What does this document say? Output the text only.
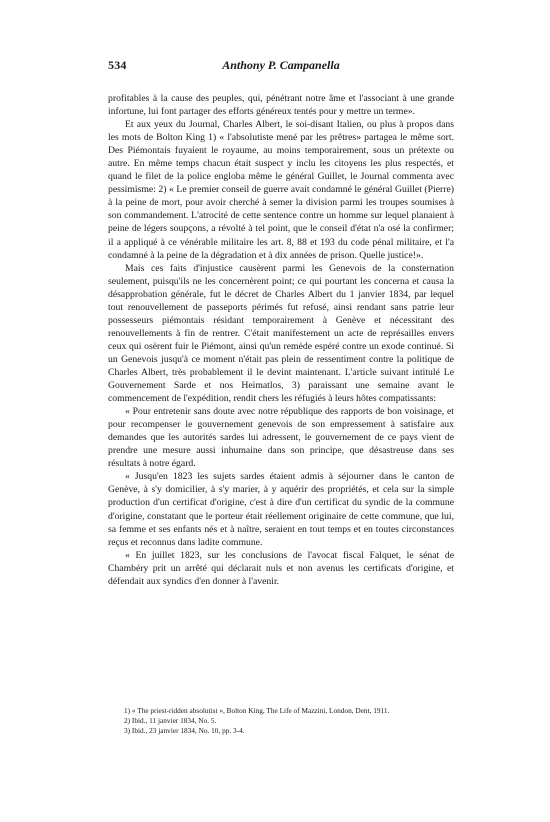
534	Anthony P. Campanella

profitables à la cause des peuples, qui, pénétrant notre âme et l'associant à une grande infortune, lui font partager des efforts généreux tentés pour y mettre un terme».

Et aux yeux du Journal, Charles Albert, le soi-disant Italien, ou plus à propos dans les mots de Bolton King 1) « l'absolutiste mené par les prêtres» partagea le même sort. Des Piémontais fuyaient le royaume, au moins temporairement, sous un prétexte ou autre. En même temps chacun était suspect y inclu les citoyens les plus respectés, et quand le filet de la police engloba même le général Guillet, le Journal commenta avec pessimisme: 2) « Le premier conseil de guerre avait condamné le général Guillet (Pierre) à la peine de mort, pour avoir cherché à semer la division parmi les troupes soumises à son commandement. L'atrocité de cette sentence contre un homme sur lequel planaient à peine de légers soupçons, a révolté à tel point, que le conseil d'état n'a osé la confirmer; il a appliqué à ce vénérable militaire les art. 8, 88 et 193 du code pénal militaire, et l'a condamné à la peine de la dégradation et à dix années de prison. Quelle justice!».

Mais ces faits d'injustice causèrent parmi les Genevois de la consternation seulement, puisqu'ils ne les concernèrent point; ce qui pourtant les concerna et causa la désapprobation générale, fut le décret de Charles Albert du 1 janvier 1834, par lequel tout renouvellement de passeports périmés fut refusé, ainsi rendant sans patrie leur possesseurs piémontais résidant temporairement à Genève et nécessitant des renouvellements à fin de rentrer. C'était manifestement un acte de représailles envers ceux qui osèrent fuir le Piémont, ainsi qu'un remède espéré contre un exode continué. Si un Genevois jusqu'à ce moment n'était pas plein de ressentiment contre la politique de Charles Albert, très probablement il le devint maintenant. L'article suivant intitulé Le Gouvernement Sarde et nos Heimatlos, 3) paraissant une semaine avant le commencement de l'expédition, rendit chers les réfugiés à leurs hôtes compatissants:

« Pour entretenir sans doute avec notre république des rapports de bon voisinage, et pour recompenser le gouvernement genevois de son empressement à satisfaire aux demandes que les autorités sardes lui adressent, le gouvernement de ce pays vient de prendre une mesure aussi inhumaine dans son principe, que désastreuse dans ses résultats à notre égard.

« Jusqu'en 1823 les sujets sardes étaient admis à séjourner dans le canton de Genève, à s'y domicilier, à s'y marier, à y aquérir des propriétés, et cela sur la simple production d'un certificat d'origine, c'est à dire d'un certificat du syndic de la commune d'origine, constatant que le porteur était réellement originaire de cette commune, que lui, sa femme et ses enfants nés et à naître, seraient en tout temps et en toutes circonstances reçus et reconnus dans ladite commune.

« En juillet 1823, sur les conclusions de l'avocat fiscal Falquet, le sénat de Chambéry prit un arrêté qui déclarait nuls et non avenus les certificats d'origine, et défendait aux syndics d'en donner à l'avenir.

1) « The priest-ridden absolutist », Bolton King, The Life of Mazzini, London, Dent, 1911.

2) Ibid., 11 janvier 1834, No. 5.

3) Ibid., 23 janvier 1834, No. 10, pp. 3-4.
